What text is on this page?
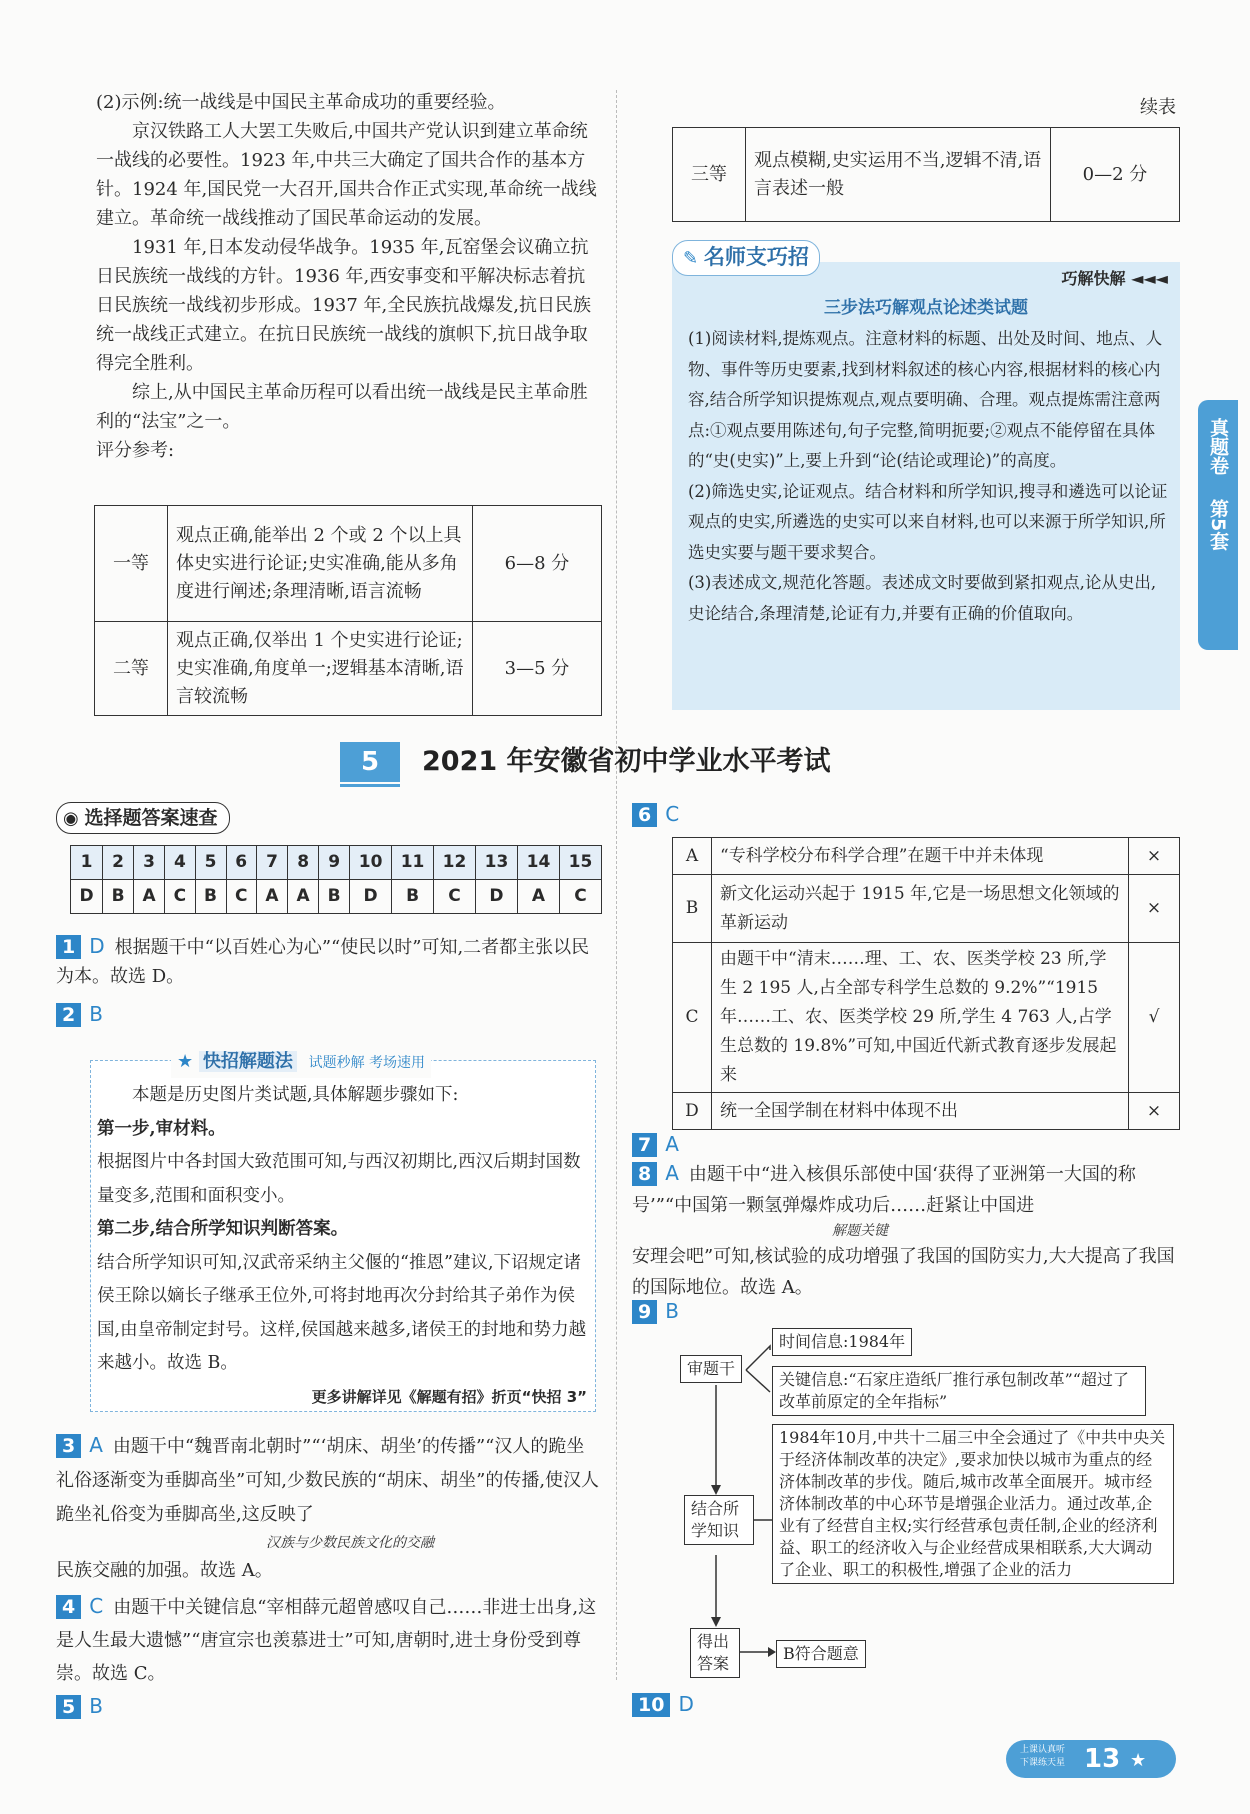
(2)示例:统一战线是中国民主革命成功的重要经验。

京汉铁路工人大罢工失败后,中国共产党认识到建立革命统一战线的必要性。1923 年,中共三大确定了国共合作的基本方针。1924 年,国民党一大召开,国共合作正式实现,革命统一战线建立。革命统一战线推动了国民革命运动的发展。

1931 年,日本发动侵华战争。1935 年,瓦窑堡会议确立抗日民族统一战线的方针。1936 年,西安事变和平解决标志着抗日民族统一战线初步形成。1937 年,全民族抗战爆发,抗日民族统一战线正式建立。在抗日民族统一战线的旗帜下,抗日战争取得完全胜利。

综上,从中国民主革命历程可以看出统一战线是民主革命胜利的“法宝”之一。

评分参考:

一等	观点正确,能举出 2 个或 2 个以上具体史实进行论证;史实准确,能从多角度进行阐述;条理清晰,语言流畅	6—8 分
二等	观点正确,仅举出 1 个史实进行论证;史实准确,角度单一;逻辑基本清晰,语言较流畅	3—5 分
续表
三等	观点模糊,史实运用不当,逻辑不清,语言表述一般	0—2 分
✎ 名师支巧招
巧解快解 ◄◄◄
三步法巧解观点论述类试题

(1)阅读材料,提炼观点。注意材料的标题、出处及时间、地点、人物、事件等历史要素,找到材料叙述的核心内容,根据材料的核心内容,结合所学知识提炼观点,观点要明确、合理。观点提炼需注意两点:①观点要用陈述句,句子完整,简明扼要;②观点不能停留在具体的“史(史实)”上,要上升到“论(结论或理论)”的高度。

(2)筛选史实,论证观点。结合材料和所学知识,搜寻和遴选可以论证观点的史实,所遴选的史实可以来自材料,也可以来源于所学知识,所选史实要与题干要求契合。

(3)表述成文,规范化答题。表述成文时要做到紧扣观点,论从史出,史论结合,条理清楚,论证有力,并要有正确的价值取向。

真题卷
第5套
5	2021 年安徽省初中学业水平考试
◉ 选择题答案速查
1	2	3	4	5	6	7	8	9	10	11	12	13	14	15
D	B	A	C	B	C	A	A	B	D	B	C	D	A	C
1 D 根据题干中“以百姓心为心”“使民以时”可知,二者都主张以民为本。故选 D。
2 B
★ 快招解题法 试题秒解 考场速用

本题是历史图片类试题,具体解题步骤如下:

第一步,审材料。

根据图片中各封国大致范围可知,与西汉初期比,西汉后期封国数量变多,范围和面积变小。

第二步,结合所学知识判断答案。

结合所学知识可知,汉武帝采纳主父偃的“推恩”建议,下诏规定诸侯王除以嫡长子继承王位外,可将封地再次分封给其子弟作为侯国,由皇帝制定封号。这样,侯国越来越多,诸侯王的封地和势力越来越小。故选 B。

更多讲解详见《解题有招》折页“快招 3”
3 A 由题干中“魏晋南北朝时”“‘胡床、胡坐’的传播”“汉人的跪坐礼俗逐渐变为垂脚高坐”可知,少数民族的“胡床、胡坐”的传播,使汉人跪坐礼俗变为垂脚高坐,这反映了
汉族与少数民族文化的交融
民族交融的加强。故选 A。
4 C 由题干中关键信息“宰相薛元超曾感叹自己……非进士出身,这是人生最大遗憾”“唐宣宗也羡慕进士”可知,唐朝时,进士身份受到尊崇。故选 C。
5 B
6 C
A	“专科学校分布科学合理”在题干中并未体现	×
B	新文化运动兴起于 1915 年,它是一场思想文化领域的革新运动	×
C	由题干中“清末……理、工、农、医类学校 23 所,学生 2 195 人,占全部专科学生总数的 9.2%”“1915 年……工、农、医类学校 29 所,学生 4 763 人,占学生总数的 19.8%”可知,中国近代新式教育逐步发展起来	√
D	统一全国学制在材料中体现不出	×
7 A
8 A 由题干中“进入核俱乐部使中国‘获得了亚洲第一大国的称号’”“中国第一颗氢弹爆炸成功后……赶紧让中国进
解题关键
安理会吧”可知,核试验的成功增强了我国的国防实力,大大提高了我国的国际地位。故选 A。
9 B
审题干
时间信息:1984年
关键信息:“石家庄造纸厂推行承包制改革”“超过了改革前原定的全年指标”
结合所学知识
1984年10月,中共十二届三中全会通过了《中共中央关于经济体制改革的决定》,要求加快以城市为重点的经济体制改革的步伐。随后,城市改革全面展开。城市经济体制改革的中心环节是增强企业活力。通过改革,企业有了经营自主权;实行经营承包责任制,企业的经济利益、职工的经济收入与企业经营成果相联系,大大调动了企业、职工的积极性,增强了企业的活力
得出答案
B符合题意
10 D
上课认真听
下课练天星 13 ★
